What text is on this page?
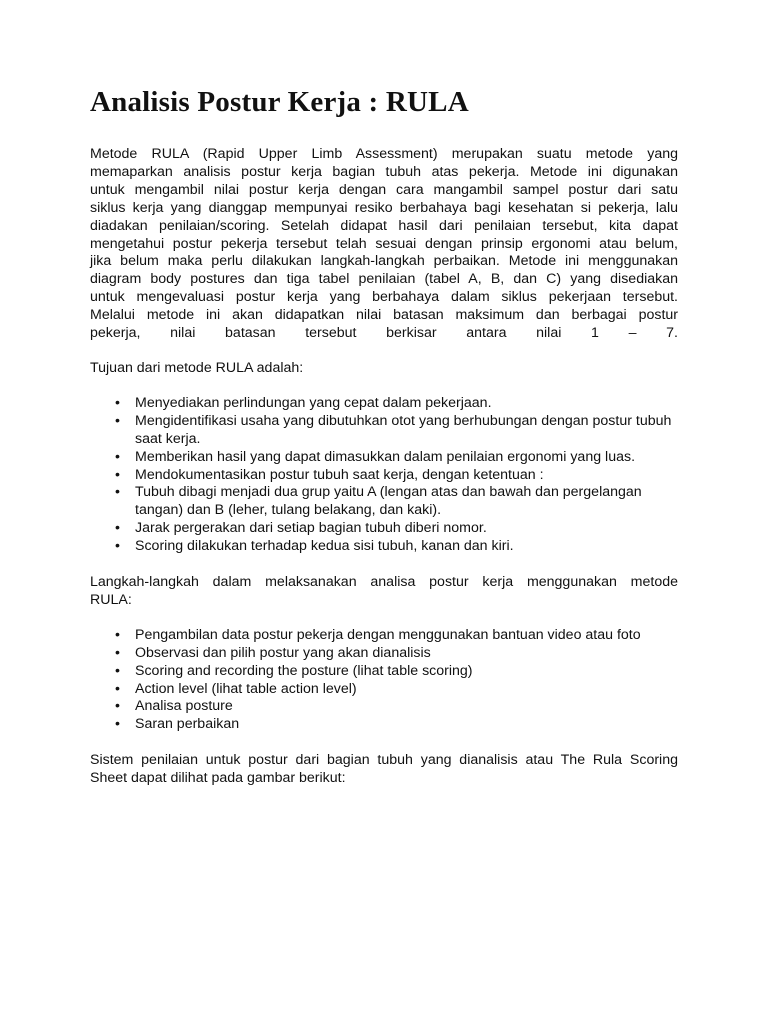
Analisis Postur Kerja : RULA

Metode RULA (Rapid Upper Limb Assessment) merupakan suatu metode yang

memaparkan analisis postur kerja bagian tubuh atas pekerja. Metode ini digunakan

untuk mengambil nilai postur kerja dengan cara mangambil sampel postur dari satu

siklus kerja yang dianggap mempunyai resiko berbahaya bagi kesehatan si pekerja, lalu

diadakan penilaian/scoring. Setelah didapat hasil dari penilaian tersebut, kita dapat

mengetahui postur pekerja tersebut telah sesuai dengan prinsip ergonomi atau belum,

jika belum maka perlu dilakukan langkah-langkah perbaikan. Metode ini menggunakan

diagram body postures dan tiga tabel penilaian (tabel A, B, dan C) yang disediakan

untuk mengevaluasi postur kerja yang berbahaya dalam siklus pekerjaan tersebut.

Melalui metode ini akan didapatkan nilai batasan maksimum dan berbagai postur

pekerja, nilai batasan tersebut berkisar antara nilai 1 – 7.

Tujuan dari metode RULA adalah:

• Menyediakan perlindungan yang cepat dalam pekerjaan.
• Mengidentifikasi usaha yang dibutuhkan otot yang berhubungan dengan postur tubuh saat kerja.
• Memberikan hasil yang dapat dimasukkan dalam penilaian ergonomi yang luas.
• Mendokumentasikan postur tubuh saat kerja, dengan ketentuan :
• Tubuh dibagi menjadi dua grup yaitu A (lengan atas dan bawah dan pergelangan tangan) dan B (leher, tulang belakang, dan kaki).
• Jarak pergerakan dari setiap bagian tubuh diberi nomor.
• Scoring dilakukan terhadap kedua sisi tubuh, kanan dan kiri.

Langkah-langkah dalam melaksanakan analisa postur kerja menggunakan metode

RULA:

• Pengambilan data postur pekerja dengan menggunakan bantuan video atau foto
• Observasi dan pilih postur yang akan dianalisis
• Scoring and recording the posture (lihat table scoring)
• Action level (lihat table action level)
• Analisa posture
• Saran perbaikan

Sistem penilaian untuk postur dari bagian tubuh yang dianalisis atau The Rula Scoring

Sheet dapat dilihat pada gambar berikut:
